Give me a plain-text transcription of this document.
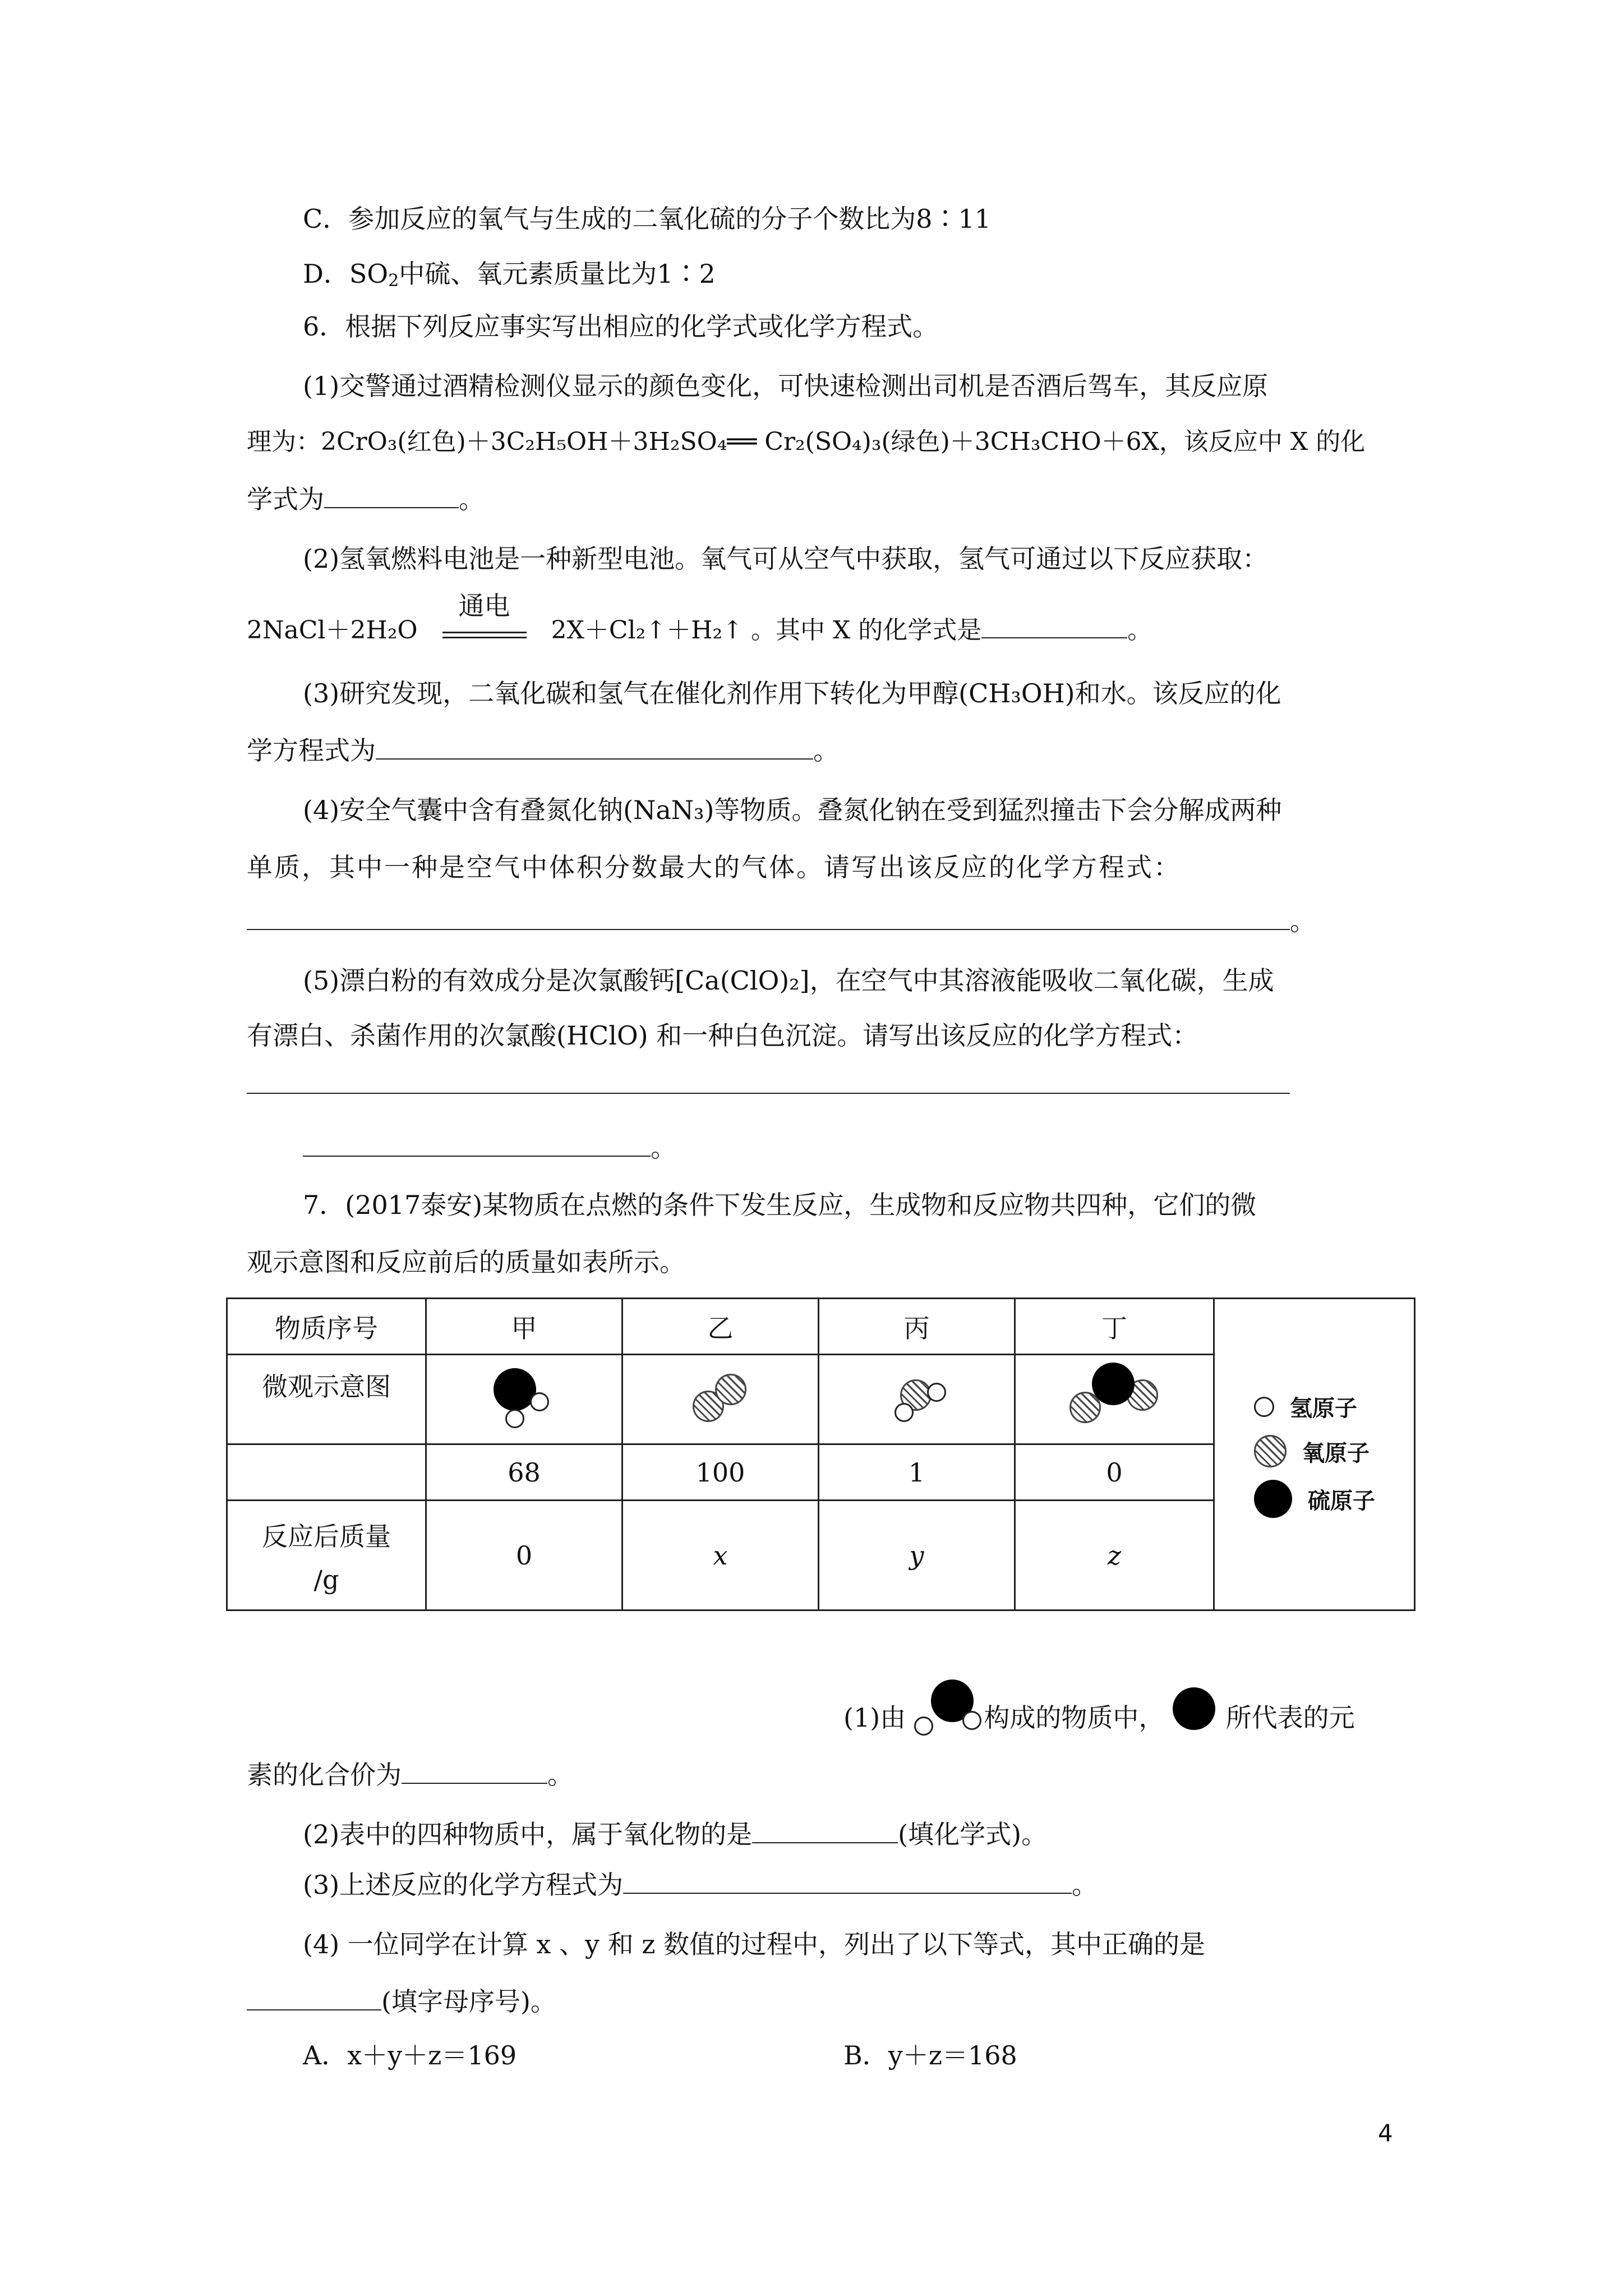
C．参加反应的氧气与生成的二氧化硫的分子个数比为8∶11
D．$SO_2$中硫、氧元素质量比为1∶2
6．根据下列反应事实写出相应的化学式或化学方程式。
(1)交警通过酒精检测仪显示的颜色变化，可快速检测出司机是否酒后驾车，其反应原
理为：2CrO₃(红色)＋3C₂H₅OH＋3H₂SO₄══ Cr₂(SO₄)₃(绿色)＋3CH₃CHO＋6X，该反应中 X 的化
学式为	。
(2)氢氧燃料电池是一种新型电池。氧气可从空气中获取，氢气可通过以下反应获取：
2NaCl＋2H₂O
通电
2X＋Cl₂↑＋H₂↑ 。其中 X 的化学式是	。
(3)研究发现，二氧化碳和氢气在催化剂作用下转化为甲醇(CH₃OH)和水。该反应的化
学方程式为	。
(4)安全气囊中含有叠氮化钠(NaN₃)等物质。叠氮化钠在受到猛烈撞击下会分解成两种
单质，其中一种是空气中体积分数最大的气体。请写出该反应的化学方程式：
。
(5)漂白粉的有效成分是次氯酸钙[Ca(ClO)₂]，在空气中其溶液能吸收二氧化碳，生成
有漂白、杀菌作用的次氯酸(HClO) 和一种白色沉淀。请写出该反应的化学方程式：
。
7．(2017泰安)某物质在点燃的条件下发生反应，生成物和反应物共四种，它们的微
观示意图和反应前后的质量如表所示。
物质序号	甲	乙	丙	丁	氢原子
氧原子
硫原子

微观示意图		

	68	100	1	0	

反应后质量
/g	0	x	y	z	
(1)由	构成的物质中， 所代表的元
素的化合价为	。
(2)表中的四种物质中，属于氧化物的是	(填化学式)。
(3)上述反应的化学方程式为	。
(4) 一位同学在计算 x 、y 和 z 数值的过程中，列出了以下等式，其中正确的是
(填字母序号)。
A．x＋y＋z＝169	B．y＋z＝168
4
